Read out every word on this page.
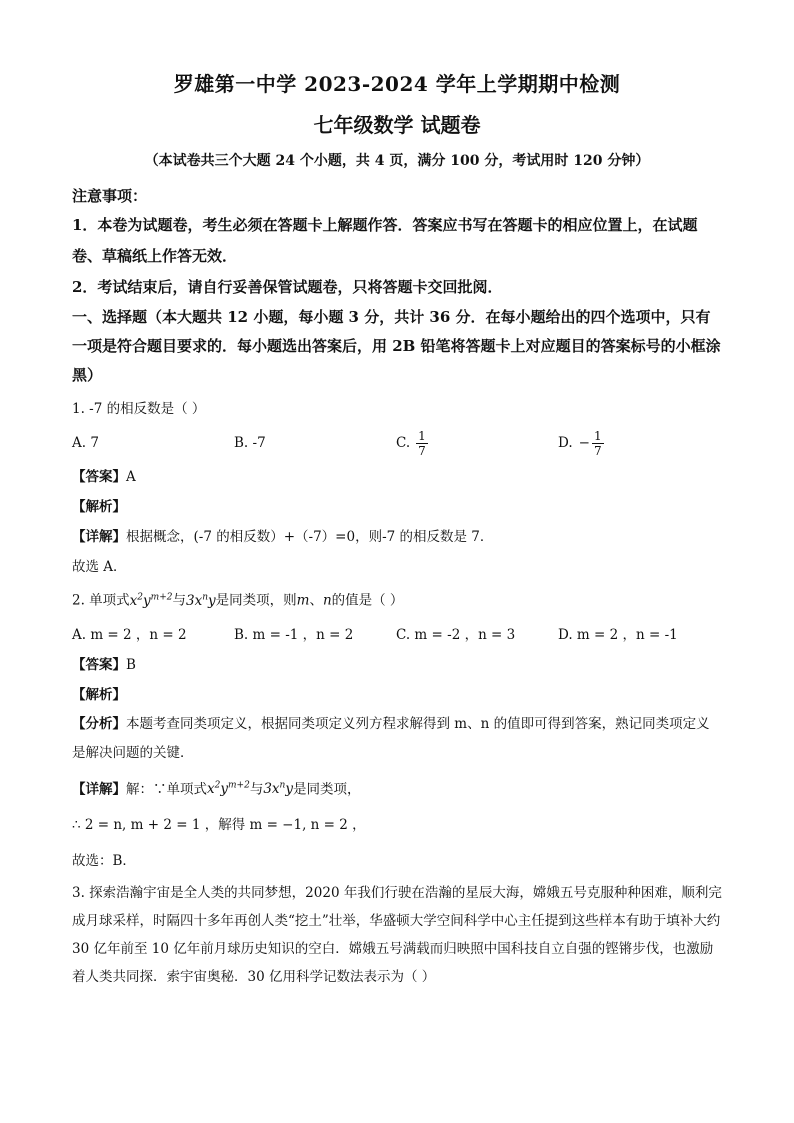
罗雄第一中学 2023-2024 学年上学期期中检测
七年级数学 试题卷
（本试卷共三个大题 24 个小题，共 4 页，满分 100 分，考试用时 120 分钟）

注意事项：

1．本卷为试题卷，考生必须在答题卡上解题作答．答案应书写在答题卡的相应位置上，在试题卷、草稿纸上作答无效．

2．考试结束后，请自行妥善保管试题卷，只将答题卡交回批阅．

一、选择题（本大题共 12 小题，每小题 3 分，共计 36 分．在每小题给出的四个选项中，只有一项是符合题目要求的．每小题选出答案后，用 2B 铅笔将答题卡上对应题目的答案标号的小框涂黑）

1. -7 的相反数是（ ）

A. 7	B. -7	C. $\frac{1}{7}$	D. − $\frac{1}{7}$

【答案】A

【解析】

【详解】根据概念，(-7 的相反数）+（-7）=0，则-7 的相反数是 7．

故选 A．

2. 单项式$x^2y^{m+2}$与$3x^ny$是同类项，则m、n的值是（ ）

A. m = 2 ，n = 2	B. m = -1 ，n = 2	C. m = -2 ，n = 3	D. m = 2 ，n = -1

【答案】B

【解析】

【分析】本题考查同类项定义，根据同类项定义列方程求解得到 m、n 的值即可得到答案，熟记同类项定义是解决问题的关键．

【详解】解：∵单项式$x^2y^{m+2}$与$3x^ny$是同类项，

∴ 2 = n, m + 2 = 1 ，解得 m = −1, n = 2 ，

故选：B．

3. 探索浩瀚宇宙是全人类的共同梦想，2020 年我们行驶在浩瀚的星辰大海，嫦娥五号克服种种困难，顺利完成月球采样，时隔四十多年再创人类“挖土”壮举，华盛顿大学空间科学中心主任提到这些样本有助于填补大约 30 亿年前至 10 亿年前月球历史知识的空白．嫦娥五号满载而归映照中国科技自立自强的铿锵步伐，也激励着人类共同探．索宇宙奥秘．30 亿用科学记数法表示为（ ）
